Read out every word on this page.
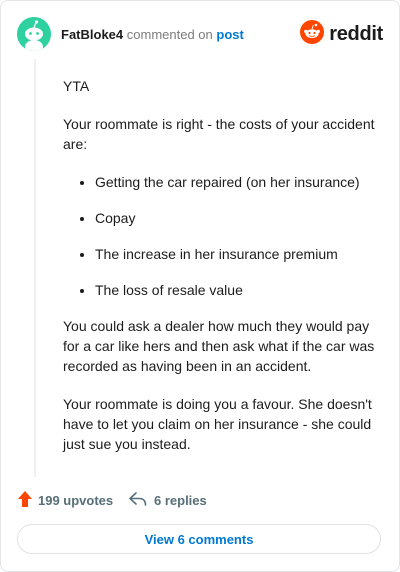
FatBloke4 commented on post	reddit

YTA

Your roommate is right - the costs of your accident are:

• Getting the car repaired (on her insurance)
• Copay
• The increase in her insurance premium
• The loss of resale value

You could ask a dealer how much they would pay for a car like hers and then ask what if the car was recorded as having been in an accident.

Your roommate is doing you a favour. She doesn't have to let you claim on her insurance - she could just sue you instead.

199 upvotes	6 replies
View 6 comments
